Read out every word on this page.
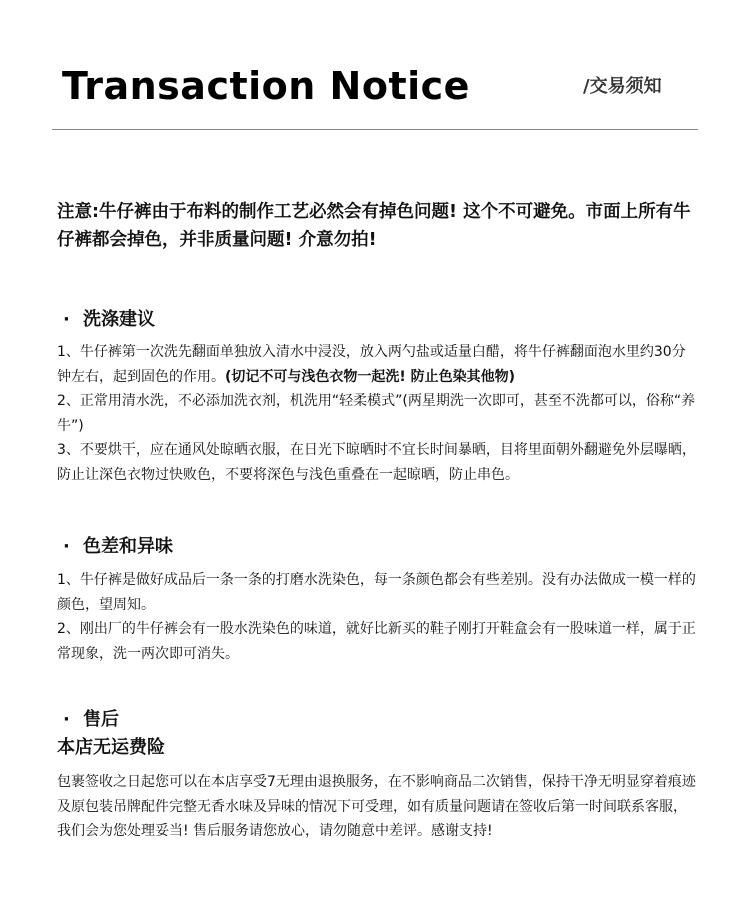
Transaction Notice	/交易须知
注意:牛仔裤由于布料的制作工艺必然会有掉色问题! 这个不可避免。市面上所有牛仔裤都会掉色，并非质量问题! 介意勿拍!
· 洗涤建议

1、牛仔裤第一次洗先翻面单独放入清水中浸没，放入两勺盐或适量白醋，将牛仔裤翻面泡水里约30分钟左右，起到固色的作用。(切记不可与浅色衣物一起洗! 防止色染其他物)

2、正常用清水洗，不必添加洗衣剂，机洗用“轻柔模式”(两星期洗一次即可，甚至不洗都可以，俗称“养牛”)

3、不要烘干，应在通风处晾晒衣服，在日光下晾晒时不宜长时间暴晒，目将里面朝外翻避免外层曝晒，防止让深色衣物过快败色，不要将深色与浅色重叠在一起晾晒，防止串色。

· 色差和异味

1、牛仔裤是做好成品后一条一条的打磨水洗染色，每一条颜色都会有些差别。没有办法做成一模一样的颜色，望周知。

2、刚出厂的牛仔裤会有一股水洗染色的味道，就好比新买的鞋子刚打开鞋盒会有一股味道一样，属于正常现象，洗一两次即可消失。

· 售后
本店无运费险

包裹签收之日起您可以在本店享受7无理由退换服务，在不影响商品二次销售，保持干净无明显穿着痕迹及原包装吊牌配件完整无香水味及异味的情况下可受理，如有质量问题请在签收后第一时间联系客服，我们会为您处理妥当! 售后服务请您放心，请勿随意中差评。感谢支持!
